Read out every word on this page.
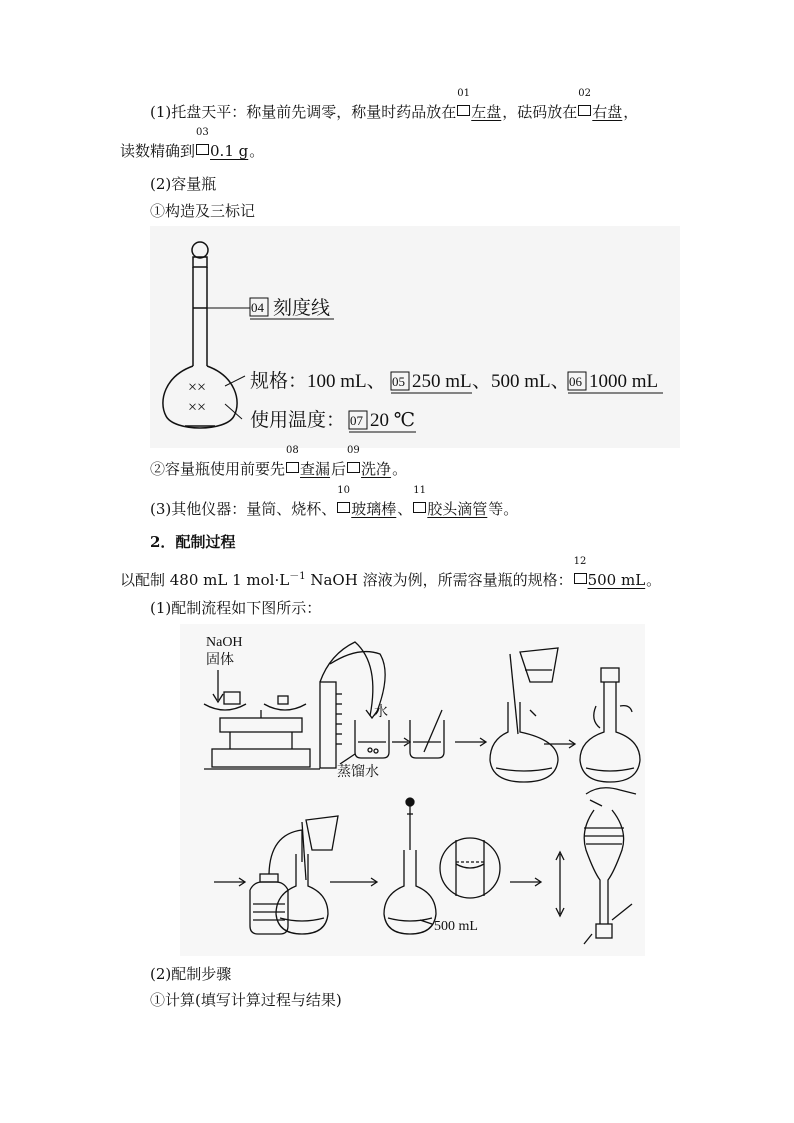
(1)托盘天平：称量前先调零，称量时药品放在
01
左盘，砝码放在
02
右盘，
读数精确到
03
0.1 g。
(2)容量瓶
①构造及三标记
××
××
04 刻度线
规格：100 mL、 05 250 mL 、500 mL、 06 1000 mL
使用温度： 07 20 ℃
②容量瓶使用前要先
08
查漏后
09
洗净。
(3)其他仪器：量筒、烧杯、
10
玻璃棒、
11
胶头滴管等。
2．配制过程
以配制 480 mL 1 $mol\cdot L^{-1}$ NaOH 溶液为例，所需容量瓶的规格：
12
500 mL。
(1)配制流程如下图所示：
NaOH
固体
水
蒸馏水
500 mL
(2)配制步骤
①计算(填写计算过程与结果)
